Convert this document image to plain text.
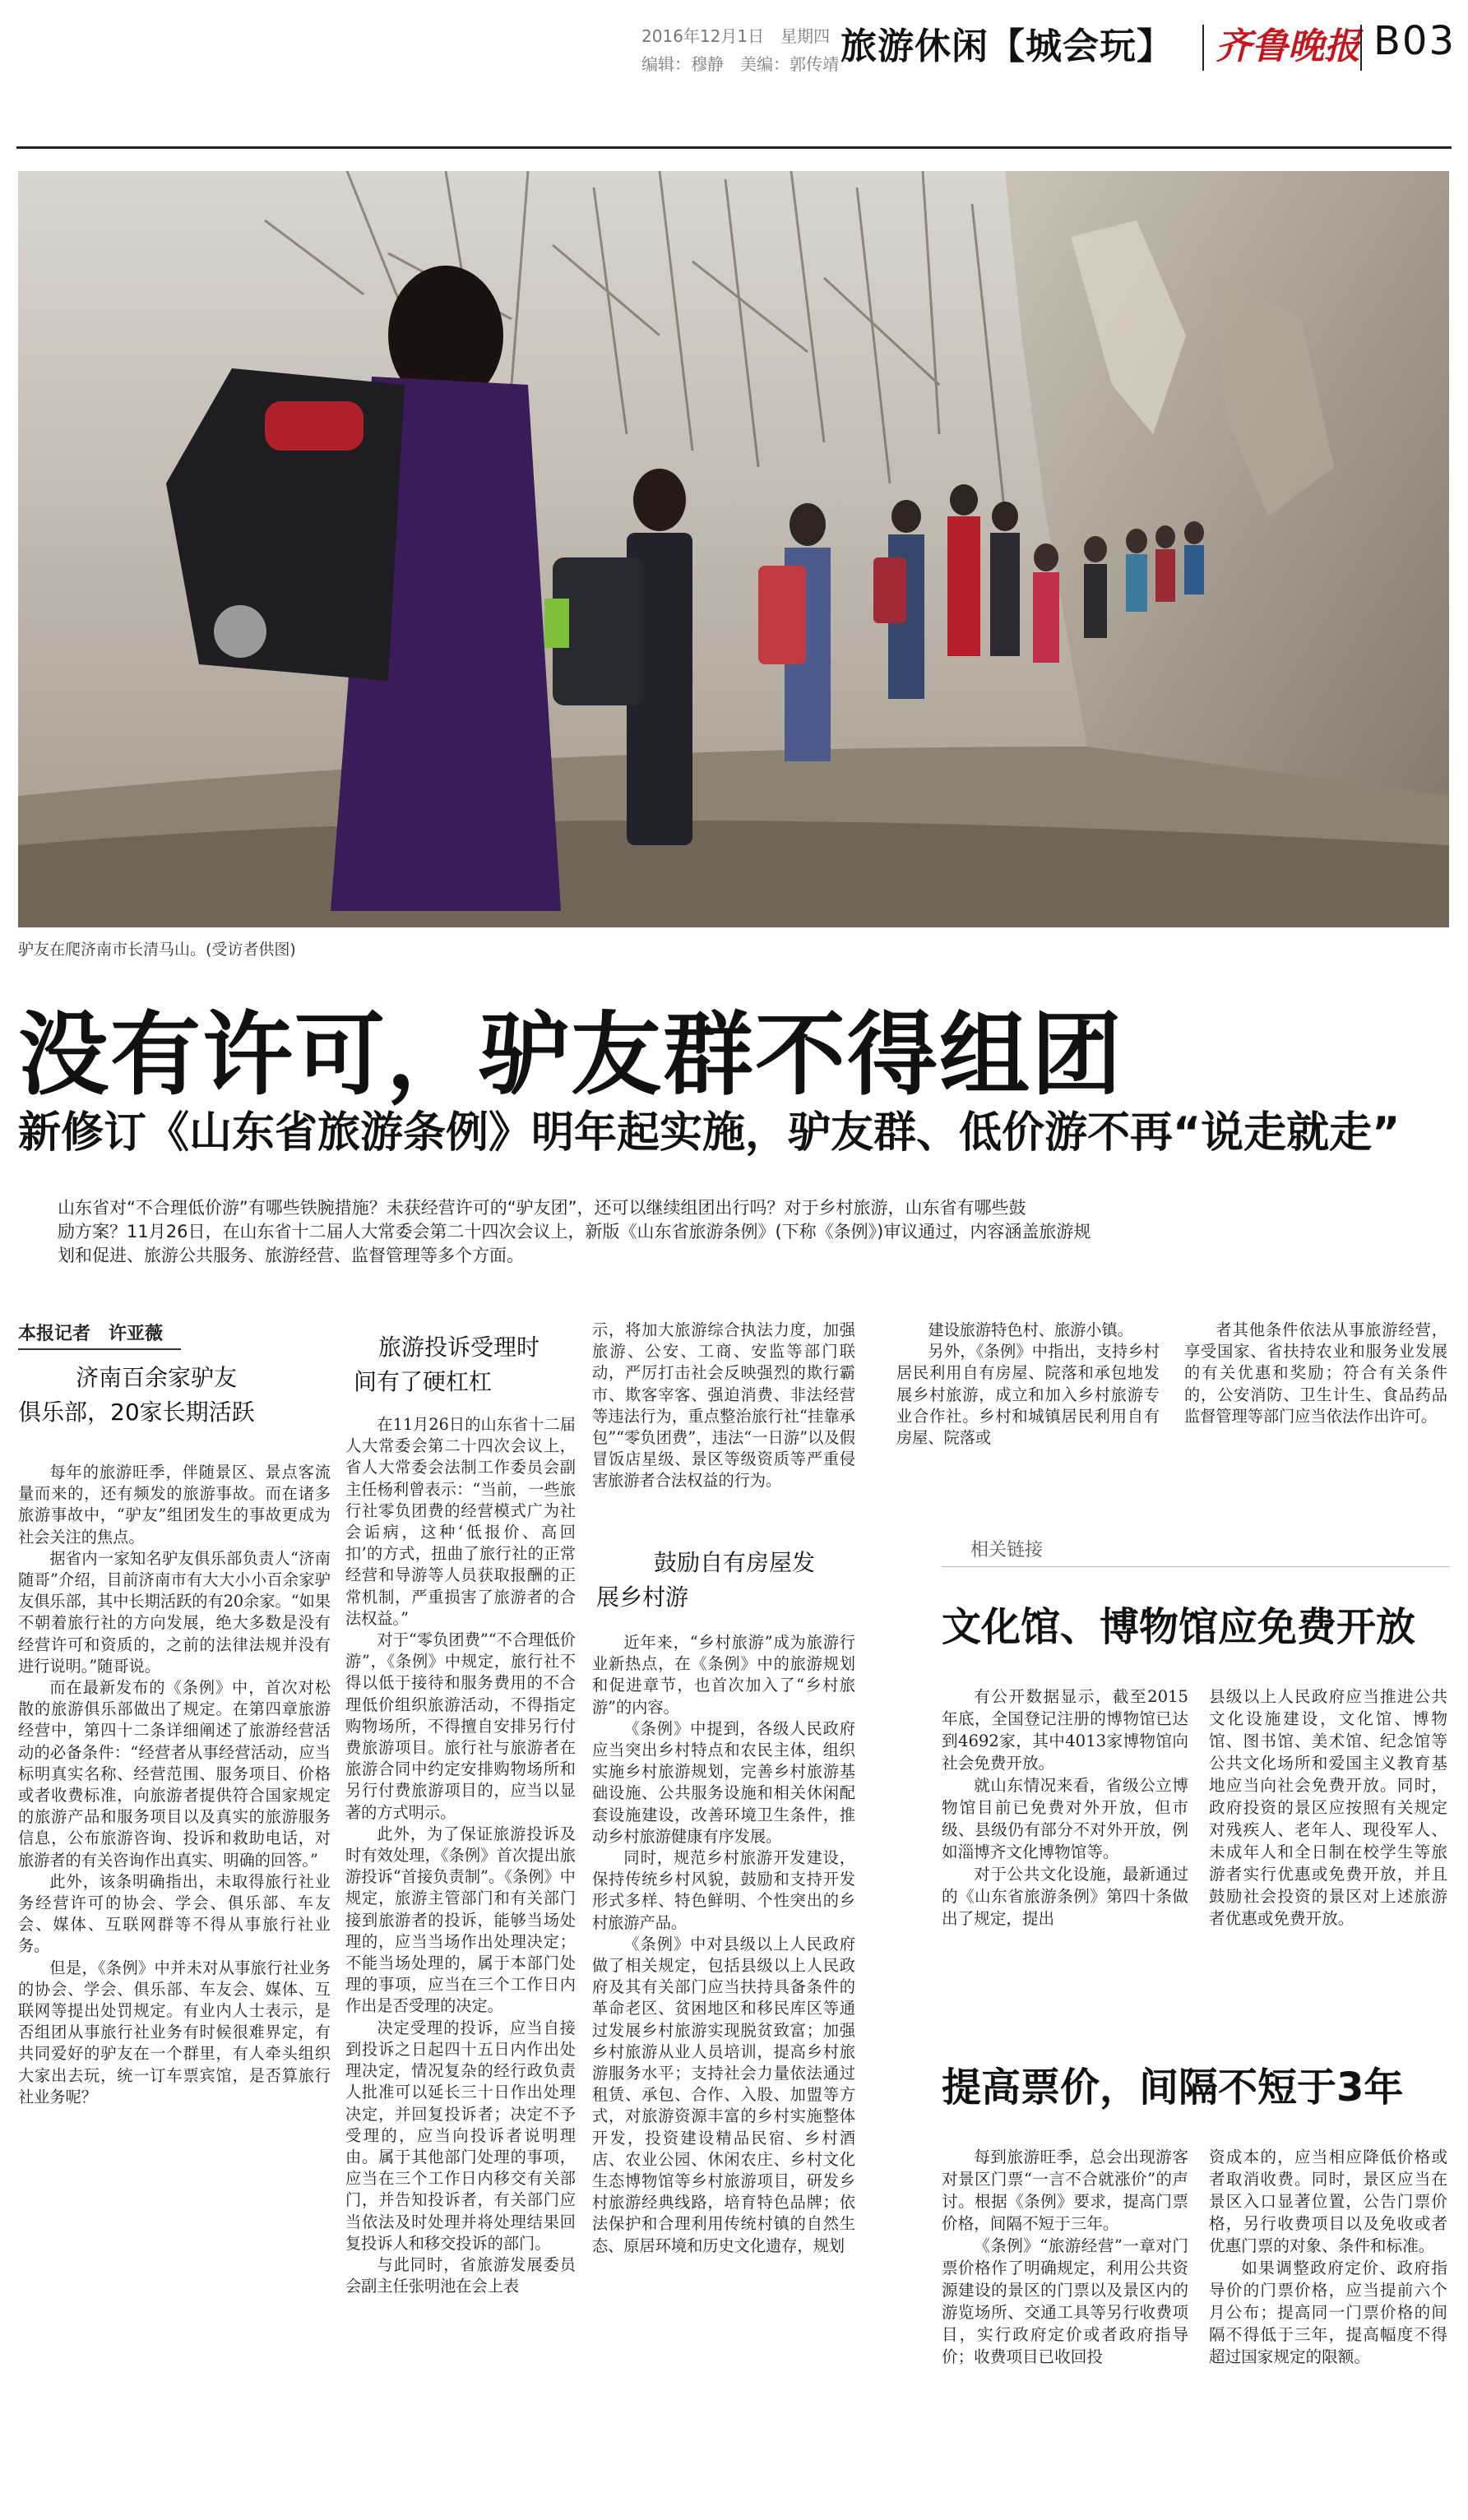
2016年12月1日　星期四
编辑：穆静　美编：郭传靖 旅游休闲【城会玩】 齐鲁晚报 B03
驴友在爬济南市长清马山。(受访者供图)
没有许可，驴友群不得组团
新修订《山东省旅游条例》明年起实施，驴友群、低价游不再“说走就走”

山东省对“不合理低价游”有哪些铁腕措施？未获经营许可的“驴友团”，还可以继续组团出行吗？对于乡村旅游，山东省有哪些鼓

励方案？11月26日，在山东省十二届人大常委会第二十四次会议上，新版《山东省旅游条例》(下称《条例》)审议通过，内容涵盖旅游规

划和促进、旅游公共服务、旅游经营、监督管理等多个方面。

本报记者　许亚薇
济南百余家驴友
俱乐部，20家长期活跃

每年的旅游旺季，伴随景区、景点客流量而来的，还有频发的旅游事故。而在诸多旅游事故中，“驴友”组团发生的事故更成为社会关注的焦点。

据省内一家知名驴友俱乐部负责人“济南随哥”介绍，目前济南市有大大小小百余家驴友俱乐部，其中长期活跃的有20余家。“如果不朝着旅行社的方向发展，绝大多数是没有经营许可和资质的，之前的法律法规并没有进行说明。”随哥说。

而在最新发布的《条例》中，首次对松散的旅游俱乐部做出了规定。在第四章旅游经营中，第四十二条详细阐述了旅游经营活动的必备条件：“经营者从事经营活动，应当标明真实名称、经营范围、服务项目、价格或者收费标准，向旅游者提供符合国家规定的旅游产品和服务项目以及真实的旅游服务信息，公布旅游咨询、投诉和救助电话，对旅游者的有关咨询作出真实、明确的回答。”

此外，该条明确指出，未取得旅行社业务经营许可的协会、学会、俱乐部、车友会、媒体、互联网群等不得从事旅行社业务。

但是，《条例》中并未对从事旅行社业务的协会、学会、俱乐部、车友会、媒体、互联网等提出处罚规定。有业内人士表示，是否组团从事旅行社业务有时候很难界定，有共同爱好的驴友在一个群里，有人牵头组织大家出去玩，统一订车票宾馆，是否算旅行社业务呢？

旅游投诉受理时
间有了硬杠杠

在11月26日的山东省十二届人大常委会第二十四次会议上，省人大常委会法制工作委员会副主任杨利曾表示：“当前，一些旅行社零负团费的经营模式广为社会诟病，这种‘低报价、高回扣’的方式，扭曲了旅行社的正常经营和导游等人员获取报酬的正常机制，严重损害了旅游者的合法权益。”

对于“零负团费”“不合理低价游”，《条例》中规定，旅行社不得以低于接待和服务费用的不合理低价组织旅游活动，不得指定购物场所，不得擅自安排另行付费旅游项目。旅行社与旅游者在旅游合同中约定安排购物场所和另行付费旅游项目的，应当以显著的方式明示。

此外，为了保证旅游投诉及时有效处理，《条例》首次提出旅游投诉“首接负责制”。《条例》中规定，旅游主管部门和有关部门接到旅游者的投诉，能够当场处理的，应当当场作出处理决定；不能当场处理的，属于本部门处理的事项，应当在三个工作日内作出是否受理的决定。

决定受理的投诉，应当自接到投诉之日起四十五日内作出处理决定，情况复杂的经行政负责人批准可以延长三十日作出处理决定，并回复投诉者；决定不予受理的，应当向投诉者说明理由。属于其他部门处理的事项，应当在三个工作日内移交有关部门，并告知投诉者，有关部门应当依法及时处理并将处理结果回复投诉人和移交投诉的部门。

与此同时，省旅游发展委员会副主任张明池在会上表

示，将加大旅游综合执法力度，加强旅游、公安、工商、安监等部门联动，严厉打击社会反映强烈的欺行霸市、欺客宰客、强迫消费、非法经营等违法行为，重点整治旅行社“挂靠承包”“零负团费”，违法“一日游”以及假冒饭店星级、景区等级资质等严重侵害旅游者合法权益的行为。

鼓励自有房屋发
展乡村游

近年来，“乡村旅游”成为旅游行业新热点，在《条例》中的旅游规划和促进章节，也首次加入了“乡村旅游”的内容。

《条例》中提到，各级人民政府应当突出乡村特点和农民主体，组织实施乡村旅游规划，完善乡村旅游基础设施、公共服务设施和相关休闲配套设施建设，改善环境卫生条件，推动乡村旅游健康有序发展。

同时，规范乡村旅游开发建设，保持传统乡村风貌，鼓励和支持开发形式多样、特色鲜明、个性突出的乡村旅游产品。

《条例》中对县级以上人民政府做了相关规定，包括县级以上人民政府及其有关部门应当扶持具备条件的革命老区、贫困地区和移民库区等通过发展乡村旅游实现脱贫致富；加强乡村旅游从业人员培训，提高乡村旅游服务水平；支持社会力量依法通过租赁、承包、合作、入股、加盟等方式，对旅游资源丰富的乡村实施整体开发，投资建设精品民宿、乡村酒店、农业公园、休闲农庄、乡村文化生态博物馆等乡村旅游项目，研发乡村旅游经典线路，培育特色品牌；依法保护和合理利用传统村镇的自然生态、原居环境和历史文化遗存，规划

建设旅游特色村、旅游小镇。

另外，《条例》中指出，支持乡村居民利用自有房屋、院落和承包地发展乡村旅游，成立和加入乡村旅游专业合作社。乡村和城镇居民利用自有房屋、院落或

者其他条件依法从事旅游经营，享受国家、省扶持农业和服务业发展的有关优惠和奖励；符合有关条件的，公安消防、卫生计生、食品药品监督管理等部门应当依法作出许可。

相关链接
文化馆、博物馆应免费开放

有公开数据显示，截至2015年底，全国登记注册的博物馆已达到4692家，其中4013家博物馆向社会免费开放。

就山东情况来看，省级公立博物馆目前已免费对外开放，但市级、县级仍有部分不对外开放，例如淄博齐文化博物馆等。

对于公共文化设施，最新通过的《山东省旅游条例》第四十条做出了规定，提出

县级以上人民政府应当推进公共文化设施建设，文化馆、博物馆、图书馆、美术馆、纪念馆等公共文化场所和爱国主义教育基地应当向社会免费开放。同时，政府投资的景区应按照有关规定对残疾人、老年人、现役军人、未成年人和全日制在校学生等旅游者实行优惠或免费开放，并且鼓励社会投资的景区对上述旅游者优惠或免费开放。

提高票价，间隔不短于3年

每到旅游旺季，总会出现游客对景区门票“一言不合就涨价”的声讨。根据《条例》要求，提高门票价格，间隔不短于三年。

《条例》“旅游经营”一章对门票价格作了明确规定，利用公共资源建设的景区的门票以及景区内的游览场所、交通工具等另行收费项目，实行政府定价或者政府指导价；收费项目已收回投

资成本的，应当相应降低价格或者取消收费。同时，景区应当在景区入口显著位置，公告门票价格，另行收费项目以及免收或者优惠门票的对象、条件和标准。

如果调整政府定价、政府指导价的门票价格，应当提前六个月公布；提高同一门票价格的间隔不得低于三年，提高幅度不得超过国家规定的限额。
